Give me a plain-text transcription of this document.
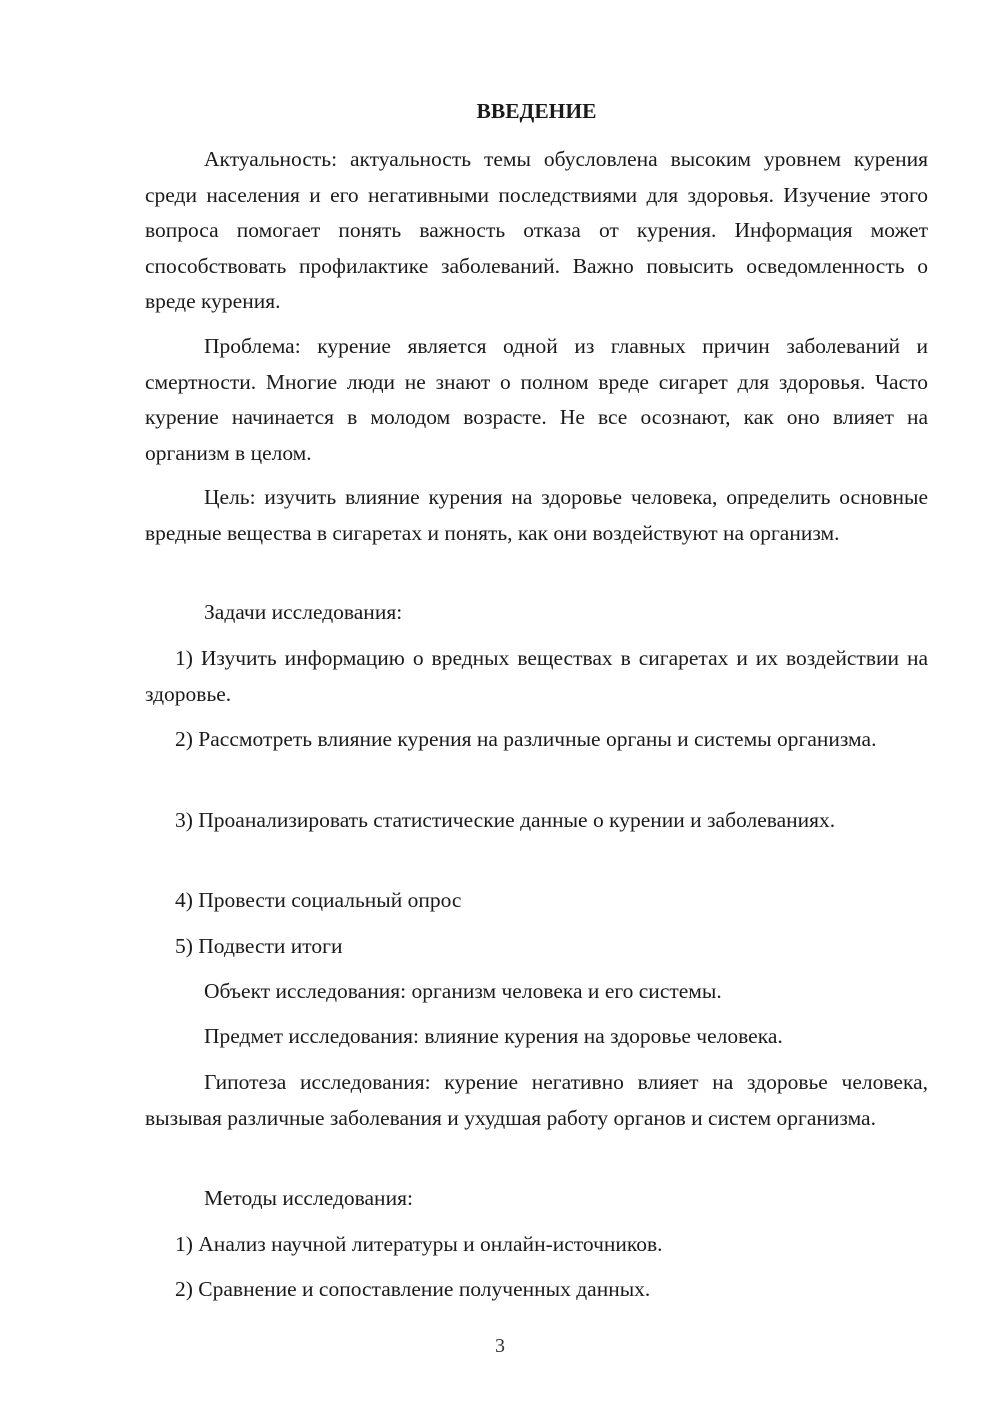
ВВЕДЕНИЕ

Актуальность: актуальность темы обусловлена высоким уровнем курения среди населения и его негативными последствиями для здоровья. Изучение этого вопроса помогает понять важность отказа от курения. Информация может способствовать профилактике заболеваний. Важно повысить осведомленность о вреде курения.

Проблема: курение является одной из главных причин заболеваний и смертности. Многие люди не знают о полном вреде сигарет для здоровья. Часто курение начинается в молодом возрасте. Не все осознают, как оно влияет на организм в целом.

Цель: изучить влияние курения на здоровье человека, определить основные вредные вещества в сигаретах и понять, как они воздействуют на организм.

Задачи исследования:

1) Изучить информацию о вредных веществах в сигаретах и их воздействии на здоровье.

2) Рассмотреть влияние курения на различные органы и системы организма.

3) Проанализировать статистические данные о курении и заболеваниях.

4) Провести социальный опрос

5) Подвести итоги

Объект исследования: организм человека и его системы.

Предмет исследования: влияние курения на здоровье человека.

Гипотеза исследования: курение негативно влияет на здоровье человека, вызывая различные заболевания и ухудшая работу органов и систем организма.

Методы исследования:

1) Анализ научной литературы и онлайн-источников.

2) Сравнение и сопоставление полученных данных.

3
